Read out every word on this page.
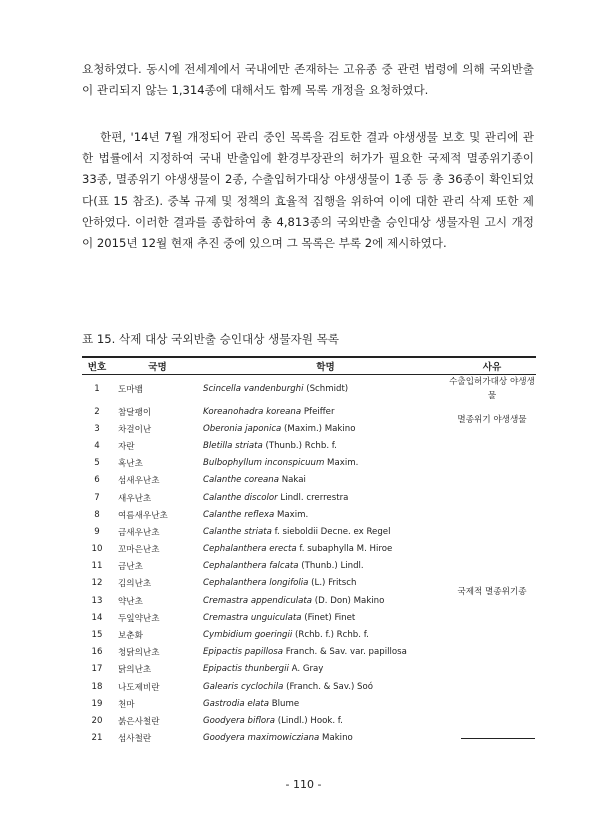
요청하였다. 동시에 전세계에서 국내에만 존재하는 고유종 중 관련 법령에 의해 국외반출이 관리되지 않는 1,314종에 대해서도 함께 목록 개정을 요청하였다.
한편, '14년 7월 개정되어 관리 중인 목록을 검토한 결과 야생생물 보호 및 관리에 관한 법률에서 지정하여 국내 반출입에 환경부장관의 허가가 필요한 국제적 멸종위기종이 33종, 멸종위기 야생생물이 2종, 수출입허가대상 야생생물이 1종 등 총 36종이 확인되었다(표 15 참조). 중복 규제 및 정책의 효율적 집행을 위하여 이에 대한 관리 삭제 또한 제안하였다. 이러한 결과를 종합하여 총 4,813종의 국외반출 승인대상 생물자원 고시 개정이 2015년 12월 현재 추진 중에 있으며 그 목록은 부록 2에 제시하였다.
표 15. 삭제 대상 국외반출 승인대상 생물자원 목록
번호	국명	학명	사유
1	도마뱀	Scincella vandenburghi (Schmidt)	수출입허가대상 야생생물
2	참달팽이	Koreanohadra koreana Pfeiffer	멸종위기 야생생물
3	차걸이난	Oberonia japonica (Maxim.) Makino	
4	자란	Bletilla striata (Thunb.) Rchb. f.	국제적 멸종위기종
5	혹난초	Bulbophyllum inconspicuum Maxim.	
6	섬새우난초	Calanthe coreana Nakai	
7	새우난초	Calanthe discolor Lindl. crerrestra	
8	여름새우난초	Calanthe reflexa Maxim.	
9	금새우난초	Calanthe striata f. sieboldii Decne. ex Regel	
10	꼬마은난초	Cephalanthera erecta f. subaphylla M. Hiroe	
11	금난초	Cephalanthera falcata (Thunb.) Lindl.	
12	김의난초	Cephalanthera longifolia (L.) Fritsch	
13	약난초	Cremastra appendiculata (D. Don) Makino	
14	두잎약난초	Cremastra unguiculata (Finet) Finet	
15	보춘화	Cymbidium goeringii (Rchb. f.) Rchb. f.	
16	청닭의난초	Epipactis papillosa Franch. & Sav. var. papillosa	
17	닭의난초	Epipactis thunbergii A. Gray	
18	나도제비란	Galearis cyclochila (Franch. & Sav.) Soó	
19	천마	Gastrodia elata Blume	
20	붉은사철란	Goodyera biflora (Lindl.) Hook. f.	
21	섬사철란	Goodyera maximowicziana Makino	
- 110 -
